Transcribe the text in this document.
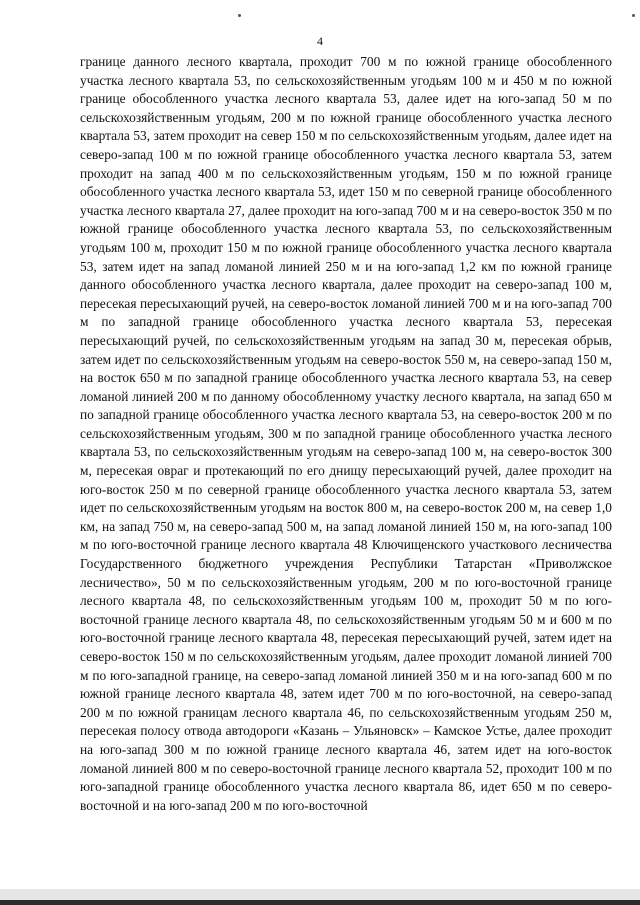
4

границе данного лесного квартала, проходит 700 м по южной границе обособленного участка лесного квартала 53, по сельскохозяйственным угодьям 100 м и 450 м по южной границе обособленного участка лесного квартала 53, далее идет на юго-запад 50 м по сельскохозяйственным угодьям, 200 м по южной границе обособленного участка лесного квартала 53, затем проходит на север 150 м по сельскохозяйственным угодьям, далее идет на северо-запад 100 м по южной границе обособленного участка лесного квартала 53, затем проходит на запад 400 м по сельскохозяйственным угодьям, 150 м по южной границе обособленного участка лесного квартала 53, идет 150 м по северной границе обособленного участка лесного квартала 27, далее проходит на юго-запад 700 м и на северо-восток 350 м по южной границе обособленного участка лесного квартала 53, по сельскохозяйственным угодьям 100 м, проходит 150 м по южной границе обособленного участка лесного квартала 53, затем идет на запад ломаной линией 250 м и на юго-запад 1,2 км по южной границе данного обособленного участка лесного квартала, далее проходит на северо-запад 100 м, пересекая пересыхающий ручей, на северо-восток ломаной линией 700 м и на юго-запад 700 м по западной границе обособленного участка лесного квартала 53, пересекая пересыхающий ручей, по сельскохозяйственным угодьям на запад 30 м, пересекая обрыв, затем идет по сельскохозяйственным угодьям на северо-восток 550 м, на северо-запад 150 м, на восток 650 м по западной границе обособленного участка лесного квартала 53, на север ломаной линией 200 м по данному обособленному участку лесного квартала, на запад 650 м по западной границе обособленного участка лесного квартала 53, на северо-восток 200 м по сельскохозяйственным угодьям, 300 м по западной границе обособленного участка лесного квартала 53, по сельскохозяйственным угодьям на северо-запад 100 м, на северо-восток 300 м, пересекая овраг и протекающий по его днищу пересыхающий ручей, далее проходит на юго-восток 250 м по северной границе обособленного участка лесного квартала 53, затем идет по сельскохозяйственным угодьям на восток 800 м, на северо-восток 200 м, на север 1,0 км, на запад 750 м, на северо-запад 500 м, на запад ломаной линией 150 м, на юго-запад 100 м по юго-восточной границе лесного квартала 48 Ключищенского участкового лесничества Государственного бюджетного учреждения Республики Татарстан «Приволжское лесничество», 50 м по сельскохозяйственным угодьям, 200 м по юго-восточной границе лесного квартала 48, по сельскохозяйственным угодьям 100 м, проходит 50 м по юго-восточной границе лесного квартала 48, по сельскохозяйственным угодьям 50 м и 600 м по юго-восточной границе лесного квартала 48, пересекая пересыхающий ручей, затем идет на северо-восток 150 м по сельскохозяйственным угодьям, далее проходит ломаной линией 700 м по юго-западной границе, на северо-запад ломаной линией 350 м и на юго-запад 600 м по южной границе лесного квартала 48, затем идет 700 м по юго-восточной, на северо-запад 200 м по южной границам лесного квартала 46, по сельскохозяйственным угодьям 250 м, пересекая полосу отвода автодороги «Казань – Ульяновск» – Камское Устье, далее проходит на юго-запад 300 м по южной границе лесного квартала 46, затем идет на юго-восток ломаной линией 800 м по северо-восточной границе лесного квартала 52, проходит 100 м по юго-западной границе обособленного участка лесного квартала 86, идет 650 м по северо-восточной и на юго-запад 200 м по юго-восточной
